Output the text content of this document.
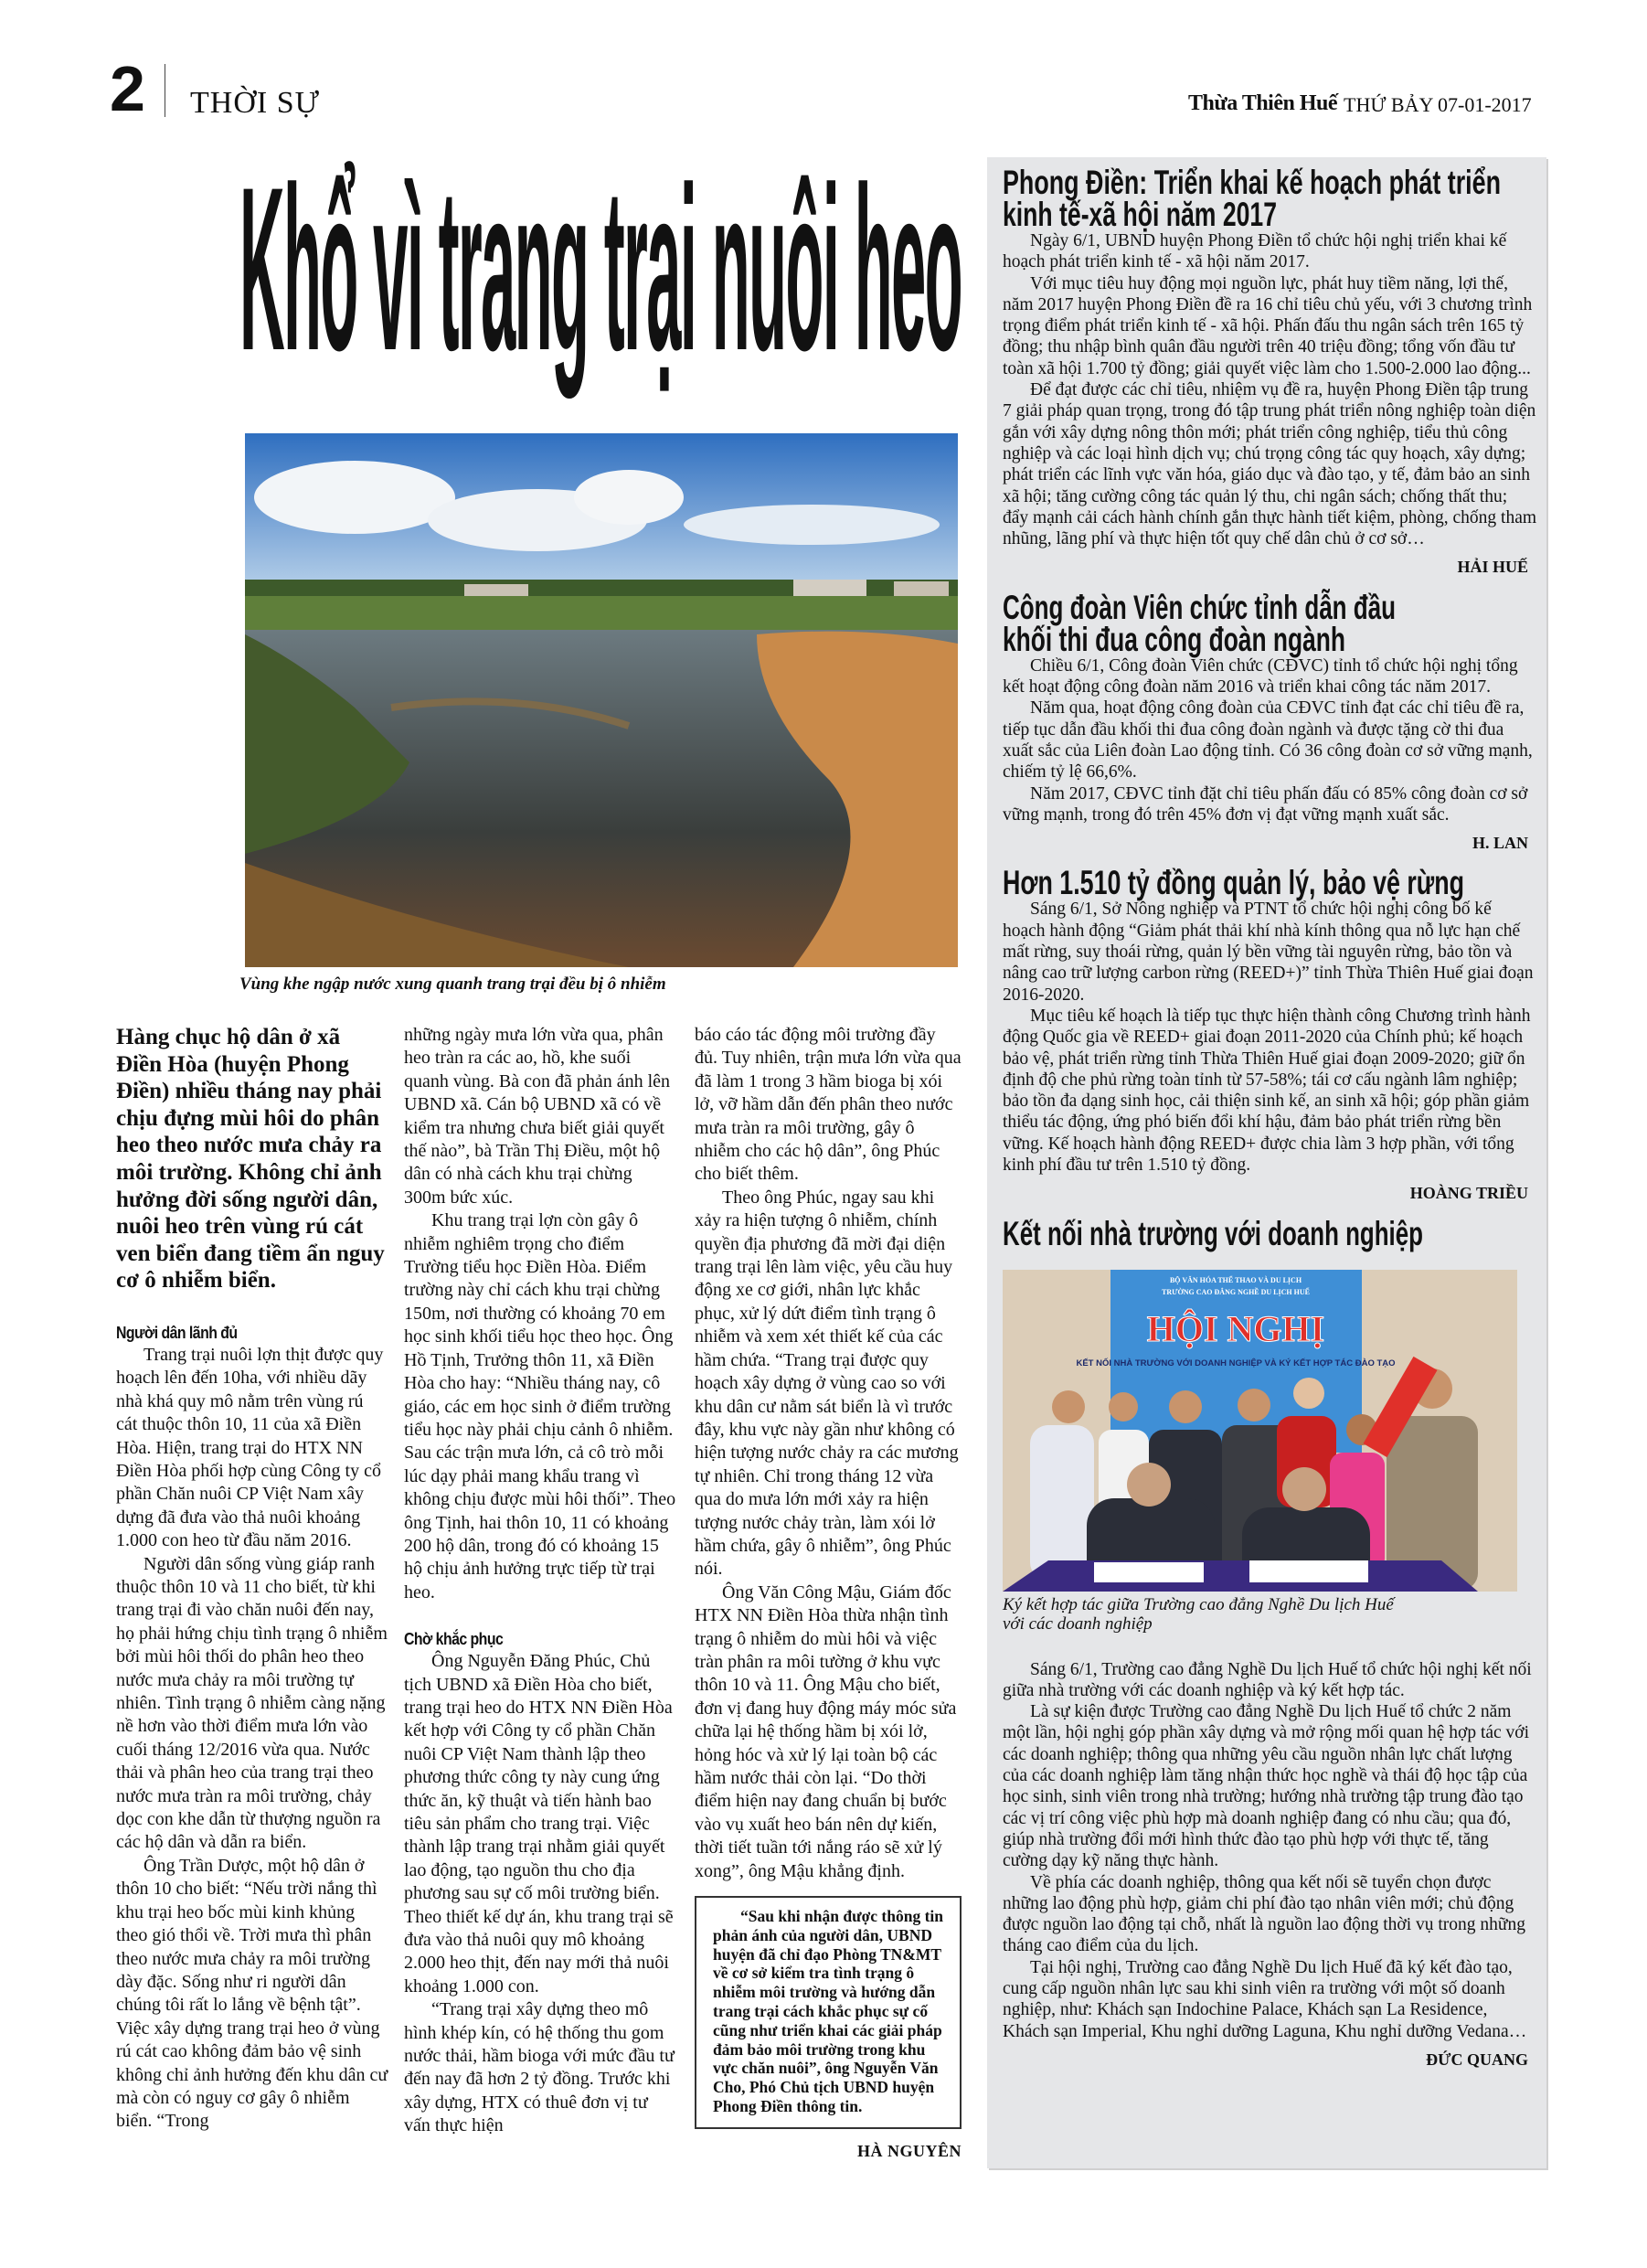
2 THỜI SỰ	Thừa Thiên Huế THỨ BẢY 07-01-2017
Khổ vì trang trại nuôi heo
Vùng khe ngập nước xung quanh trang trại đều bị ô nhiễm
Hàng chục hộ dân ở xã Điền Hòa (huyện Phong Điền) nhiều tháng nay phải chịu đựng mùi hôi do phân heo theo nước mưa chảy ra môi trường. Không chỉ ảnh hưởng đời sống người dân, nuôi heo trên vùng rú cát ven biển đang tiềm ẩn nguy cơ ô nhiễm biển.
Người dân lãnh đủ

Trang trại nuôi lợn thịt được quy hoạch lên đến 10ha, với nhiều dãy nhà khá quy mô nằm trên vùng rú cát thuộc thôn 10, 11 của xã Điền Hòa. Hiện, trang trại do HTX NN Điền Hòa phối hợp cùng Công ty cổ phần Chăn nuôi CP Việt Nam xây dựng đã đưa vào thả nuôi khoảng 1.000 con heo từ đầu năm 2016.

Người dân sống vùng giáp ranh thuộc thôn 10 và 11 cho biết, từ khi trang trại đi vào chăn nuôi đến nay, họ phải hứng chịu tình trạng ô nhiễm bởi mùi hôi thối do phân heo theo nước mưa chảy ra môi trường tự nhiên. Tình trạng ô nhiễm càng nặng nề hơn vào thời điểm mưa lớn vào cuối tháng 12/2016 vừa qua. Nước thải và phân heo của trang trại theo nước mưa tràn ra môi trường, chảy dọc con khe dẫn từ thượng nguồn ra các hộ dân và dẫn ra biển.

Ông Trần Dược, một hộ dân ở thôn 10 cho biết: “Nếu trời nắng thì khu trại heo bốc mùi kinh khủng theo gió thổi về. Trời mưa thì phân theo nước mưa chảy ra môi trường dày đặc. Sống như ri người dân chúng tôi rất lo lắng về bệnh tật”. Việc xây dựng trang trại heo ở vùng rú cát cao không đảm bảo vệ sinh không chỉ ảnh hưởng đến khu dân cư mà còn có nguy cơ gây ô nhiễm biển. “Trong

những ngày mưa lớn vừa qua, phân heo tràn ra các ao, hồ, khe suối quanh vùng. Bà con đã phản ánh lên UBND xã. Cán bộ UBND xã có về kiểm tra nhưng chưa biết giải quyết thế nào”, bà Trần Thị Điều, một hộ dân có nhà cách khu trại chừng 300m bức xúc.

Khu trang trại lợn còn gây ô nhiễm nghiêm trọng cho điểm Trường tiểu học Điền Hòa. Điểm trường này chỉ cách khu trại chừng 150m, nơi thường có khoảng 70 em học sinh khối tiểu học theo học. Ông Hồ Tịnh, Trưởng thôn 11, xã Điền Hòa cho hay: “Nhiều tháng nay, cô giáo, các em học sinh ở điểm trường tiểu học này phải chịu cảnh ô nhiễm. Sau các trận mưa lớn, cả cô trò mỗi lúc dạy phải mang khẩu trang vì không chịu được mùi hôi thối”. Theo ông Tịnh, hai thôn 10, 11 có khoảng 200 hộ dân, trong đó có khoảng 15 hộ chịu ảnh hưởng trực tiếp từ trại heo.

Chờ khắc phục

Ông Nguyễn Đăng Phúc, Chủ tịch UBND xã Điền Hòa cho biết, trang trại heo do HTX NN Điền Hòa kết hợp với Công ty cổ phần Chăn nuôi CP Việt Nam thành lập theo phương thức công ty này cung ứng thức ăn, kỹ thuật và tiến hành bao tiêu sản phẩm cho trang trại. Việc thành lập trang trại nhằm giải quyết lao động, tạo nguồn thu cho địa phương sau sự cố môi trường biển. Theo thiết kế dự án, khu trang trại sẽ đưa vào thả nuôi quy mô khoảng 2.000 heo thịt, đến nay mới thả nuôi khoảng 1.000 con.

“Trang trại xây dựng theo mô hình khép kín, có hệ thống thu gom nước thải, hầm bioga với mức đầu tư đến nay đã hơn 2 tỷ đồng. Trước khi xây dựng, HTX có thuê đơn vị tư vấn thực hiện

báo cáo tác động môi trường đầy đủ. Tuy nhiên, trận mưa lớn vừa qua đã làm 1 trong 3 hầm bioga bị xói lở, vỡ hầm dẫn đến phân theo nước mưa tràn ra môi trường, gây ô nhiễm cho các hộ dân”, ông Phúc cho biết thêm.

Theo ông Phúc, ngay sau khi xảy ra hiện tượng ô nhiễm, chính quyền địa phương đã mời đại diện trang trại lên làm việc, yêu cầu huy động xe cơ giới, nhân lực khắc phục, xử lý dứt điểm tình trạng ô nhiễm và xem xét thiết kế của các hầm chứa. “Trang trại được quy hoạch xây dựng ở vùng cao so với khu dân cư nằm sát biển là vì trước đây, khu vực này gần như không có hiện tượng nước chảy ra các mương tự nhiên. Chỉ trong tháng 12 vừa qua do mưa lớn mới xảy ra hiện tượng nước chảy tràn, làm xói lở hầm chứa, gây ô nhiễm”, ông Phúc nói.

Ông Văn Công Mậu, Giám đốc HTX NN Điền Hòa thừa nhận tình trạng ô nhiễm do mùi hôi và việc tràn phân ra môi tường ở khu vực thôn 10 và 11. Ông Mậu cho biết, đơn vị đang huy động máy móc sửa chữa lại hệ thống hầm bị xói lở, hỏng hóc và xử lý lại toàn bộ các hầm nước thải còn lại. “Do thời điểm hiện nay đang chuẩn bị bước vào vụ xuất heo bán nên dự kiến, thời tiết tuần tới nắng ráo sẽ xử lý xong”, ông Mậu khẳng định.

“Sau khi nhận được thông tin phản ánh của người dân, UBND huyện đã chỉ đạo Phòng TN&MT về cơ sở kiểm tra tình trạng ô nhiễm môi trường và hướng dẫn trang trại cách khắc phục sự cố cũng như triển khai các giải pháp đảm bảo môi trường trong khu vực chăn nuôi”, ông Nguyễn Văn Cho, Phó Chủ tịch UBND huyện Phong Điền thông tin.

HÀ NGUYÊN
Phong Điền: Triển khai kế hoạch phát triển
kinh tế-xã hội năm 2017

Ngày 6/1, UBND huyện Phong Điền tổ chức hội nghị triển khai kế hoạch phát triển kinh tế - xã hội năm 2017.

Với mục tiêu huy động mọi nguồn lực, phát huy tiềm năng, lợi thế, năm 2017 huyện Phong Điền đề ra 16 chỉ tiêu chủ yếu, với 3 chương trình trọng điểm phát triển kinh tế - xã hội. Phấn đấu thu ngân sách trên 165 tỷ đồng; thu nhập bình quân đầu người trên 40 triệu đồng; tổng vốn đầu tư toàn xã hội 1.700 tỷ đồng; giải quyết việc làm cho 1.500-2.000 lao động...

Để đạt được các chỉ tiêu, nhiệm vụ đề ra, huyện Phong Điền tập trung 7 giải pháp quan trọng, trong đó tập trung phát triển nông nghiệp toàn diện gắn với xây dựng nông thôn mới; phát triển công nghiệp, tiểu thủ công nghiệp và các loại hình dịch vụ; chú trọng công tác quy hoạch, xây dựng; phát triển các lĩnh vực văn hóa, giáo dục và đào tạo, y tế, đảm bảo an sinh xã hội; tăng cường công tác quản lý thu, chi ngân sách; chống thất thu; đẩy mạnh cải cách hành chính gắn thực hành tiết kiệm, phòng, chống tham nhũng, lãng phí và thực hiện tốt quy chế dân chủ ở cơ sở…

HẢI HUẾ
Công đoàn Viên chức tỉnh dẫn đầu
khối thi đua công đoàn ngành

Chiều 6/1, Công đoàn Viên chức (CĐVC) tỉnh tổ chức hội nghị tổng kết hoạt động công đoàn năm 2016 và triển khai công tác năm 2017.

Năm qua, hoạt động công đoàn của CĐVC tỉnh đạt các chỉ tiêu đề ra, tiếp tục dẫn đầu khối thi đua công đoàn ngành và được tặng cờ thi đua xuất sắc của Liên đoàn Lao động tỉnh. Có 36 công đoàn cơ sở vững mạnh, chiếm tỷ lệ 66,6%.

Năm 2017, CĐVC tỉnh đặt chỉ tiêu phấn đấu có 85% công đoàn cơ sở vững mạnh, trong đó trên 45% đơn vị đạt vững mạnh xuất sắc.

H. LAN
Hơn 1.510 tỷ đồng quản lý, bảo vệ rừng

Sáng 6/1, Sở Nông nghiệp và PTNT tổ chức hội nghị công bố kế hoạch hành động “Giảm phát thải khí nhà kính thông qua nỗ lực hạn chế mất rừng, suy thoái rừng, quản lý bền vững tài nguyên rừng, bảo tồn và nâng cao trữ lượng carbon rừng (REED+)” tỉnh Thừa Thiên Huế giai đoạn 2016-2020.

Mục tiêu kế hoạch là tiếp tục thực hiện thành công Chương trình hành động Quốc gia về REED+ giai đoạn 2011-2020 của Chính phủ; kế hoạch bảo vệ, phát triển rừng tỉnh Thừa Thiên Huế giai đoạn 2009-2020; giữ ổn định độ che phủ rừng toàn tỉnh từ 57-58%; tái cơ cấu ngành lâm nghiệp; bảo tồn đa dạng sinh học, cải thiện sinh kế, an sinh xã hội; góp phần giảm thiểu tác động, ứng phó biến đổi khí hậu, đảm bảo phát triển rừng bền vững. Kế hoạch hành động REED+ được chia làm 3 hợp phần, với tổng kinh phí đầu tư trên 1.510 tỷ đồng.

HOÀNG TRIỀU
Kết nối nhà trường với doanh nghiệp
BỘ VĂN HÓA THỂ THAO VÀ DU LỊCH
TRƯỜNG CAO ĐẲNG NGHỀ DU LỊCH HUẾ
HỘI NGHỊ
KẾT NỐI NHÀ TRƯỜNG VỚI DOANH NGHIỆP VÀ KÝ KẾT HỢP TÁC ĐÀO TẠO
Ký kết hợp tác giữa Trường cao đẳng Nghề Du lịch Huế với các doanh nghiệp

Sáng 6/1, Trường cao đẳng Nghề Du lịch Huế tổ chức hội nghị kết nối giữa nhà trường với các doanh nghiệp và ký kết hợp tác.

Là sự kiện được Trường cao đẳng Nghề Du lịch Huế tổ chức 2 năm một lần, hội nghị góp phần xây dựng và mở rộng mối quan hệ hợp tác với các doanh nghiệp; thông qua những yêu cầu nguồn nhân lực chất lượng của các doanh nghiệp làm tăng nhận thức học nghề và thái độ học tập của học sinh, sinh viên trong nhà trường; hướng nhà trường tập trung đào tạo các vị trí công việc phù hợp mà doanh nghiệp đang có nhu cầu; qua đó, giúp nhà trường đổi mới hình thức đào tạo phù hợp với thực tế, tăng cường dạy kỹ năng thực hành.

Về phía các doanh nghiệp, thông qua kết nối sẽ tuyển chọn được những lao động phù hợp, giảm chi phí đào tạo nhân viên mới; chủ động được nguồn lao động tại chỗ, nhất là nguồn lao động thời vụ trong những tháng cao điểm của du lịch.

Tại hội nghị, Trường cao đẳng Nghề Du lịch Huế đã ký kết đào tạo, cung cấp nguồn nhân lực sau khi sinh viên ra trường với một số doanh nghiệp, như: Khách sạn Indochine Palace, Khách sạn La Residence, Khách sạn Imperial, Khu nghỉ dưỡng Laguna, Khu nghỉ dưỡng Vedana…

ĐỨC QUANG
